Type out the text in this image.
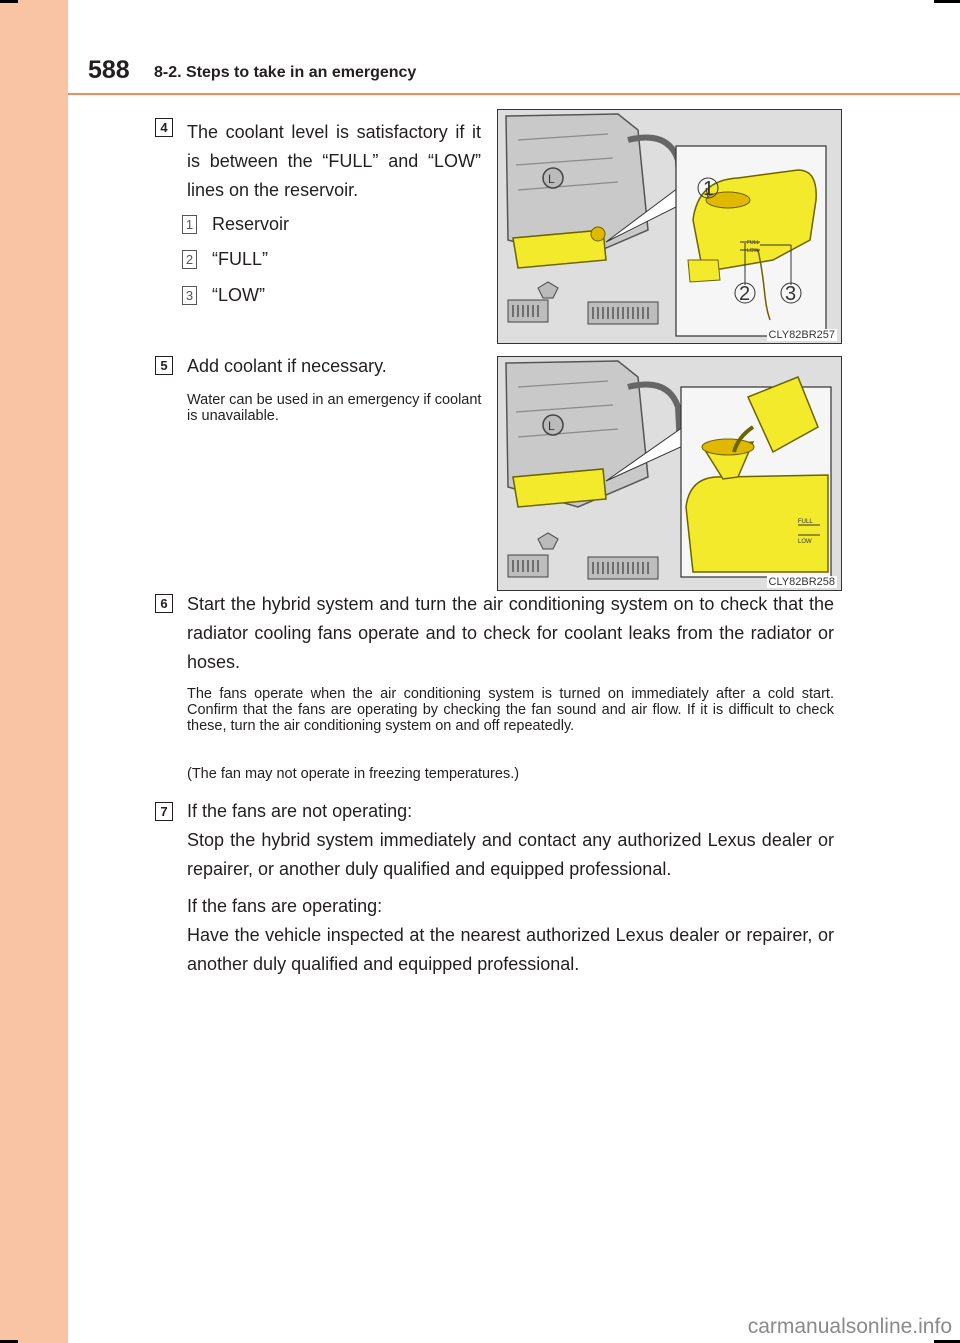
588 8-2. Steps to take in an emergency
4 The coolant level is satisfactory if it is between the “FULL” and “LOW” lines on the reservoir.
1 Reservoir
2 “FULL”
3 “LOW”
L
FULL
LOW
1
2 3
CLY82BR257
5 Add coolant if necessary.
Water can be used in an emergency if coolant is unavailable.
L
FULL
LOW
CLY82BR258
6 Start the hybrid system and turn the air conditioning system on to check that the radiator cooling fans operate and to check for coolant leaks from the radiator or hoses.
The fans operate when the air conditioning system is turned on immediately after a cold start. Confirm that the fans are operating by checking the fan sound and air flow. If it is difficult to check these, turn the air conditioning system on and off repeatedly.
(The fan may not operate in freezing temperatures.)
7 If the fans are not operating:
Stop the hybrid system immediately and contact any authorized Lexus dealer or repairer, or another duly qualified and equipped professional.
If the fans are operating:
Have the vehicle inspected at the nearest authorized Lexus dealer or repairer, or another duly qualified and equipped professional.
carmanualsonline.info
